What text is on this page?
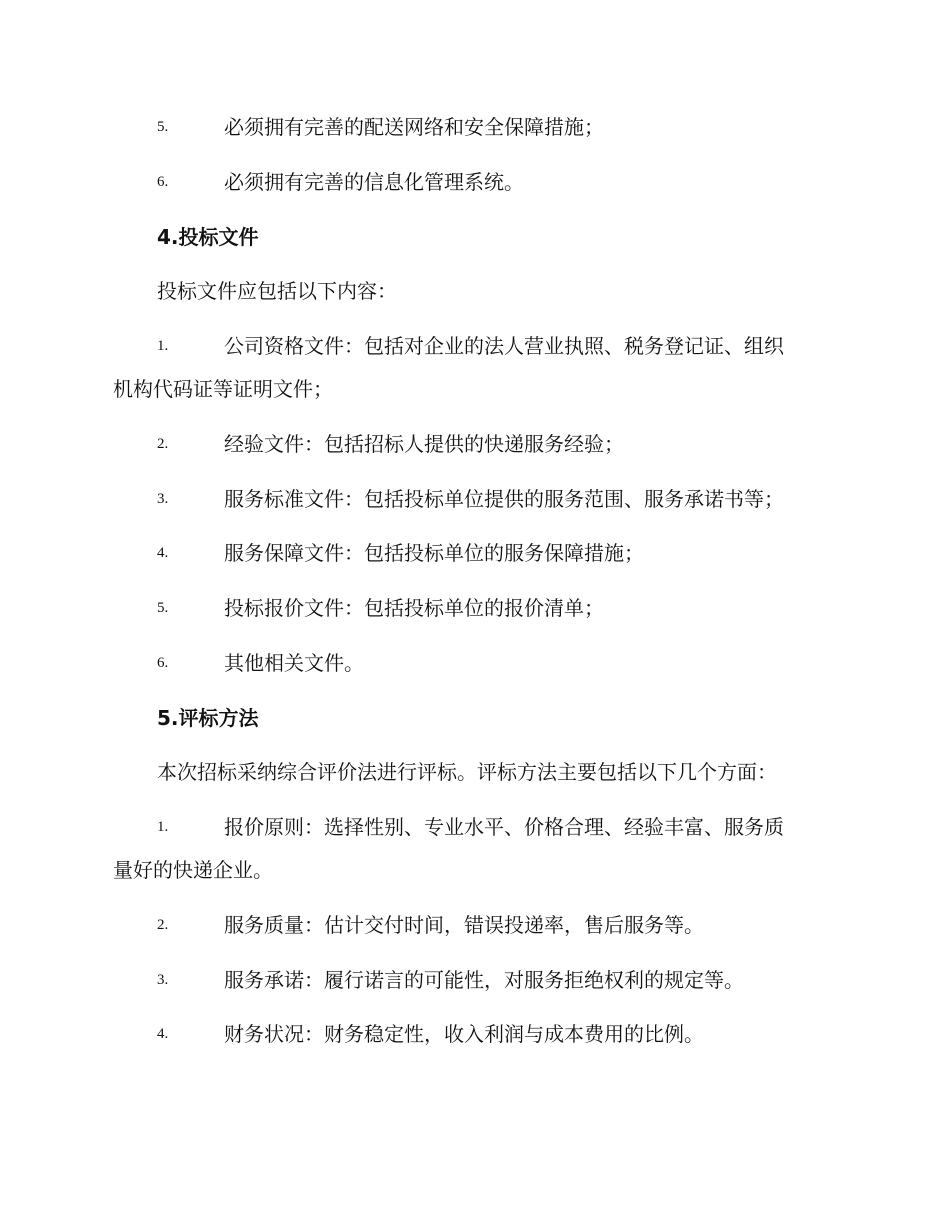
5.	必须拥有完善的配送网络和安全保障措施；
6.	必须拥有完善的信息化管理系统。
4.投标文件
投标文件应包括以下内容：
1.	公司资格文件：包括对企业的法人营业执照、税务登记证、组织
机构代码证等证明文件；
2.	经验文件：包括招标人提供的快递服务经验；
3.	服务标准文件：包括投标单位提供的服务范围、服务承诺书等；
4.	服务保障文件：包括投标单位的服务保障措施；
5.	投标报价文件：包括投标单位的报价清单；
6.	其他相关文件。
5.评标方法
本次招标采纳综合评价法进行评标。评标方法主要包括以下几个方面：
1.	报价原则：选择性别、专业水平、价格合理、经验丰富、服务质
量好的快递企业。
2.	服务质量：估计交付时间，错误投递率，售后服务等。
3.	服务承诺：履行诺言的可能性，对服务拒绝权利的规定等。
4.	财务状况：财务稳定性，收入利润与成本费用的比例。
